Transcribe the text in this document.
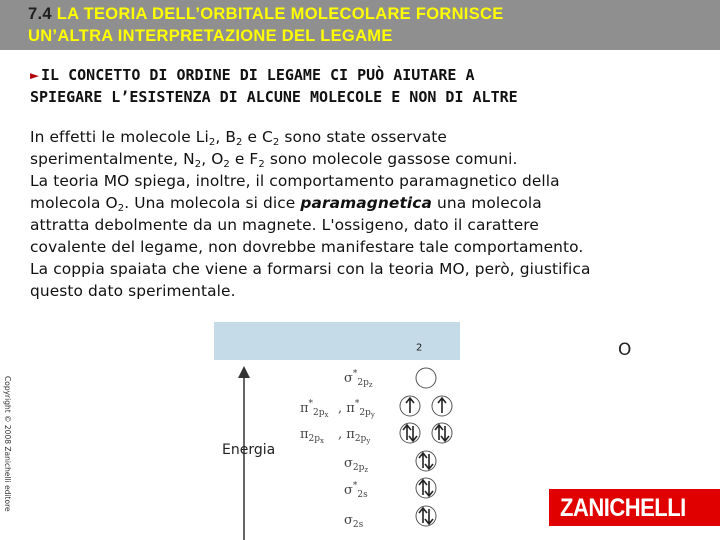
7.4 LA TEORIA DELL’ORBITALE MOLECOLARE FORNISCE
UN’ALTRA INTERPRETAZIONE DEL LEGAME
► IL CONCETTO DI ORDINE DI LEGAME CI PUÒ AIUTARE A
SPIEGARE L’ESISTENZA DI ALCUNE MOLECOLE E NON DI ALTRE
In effetti le molecole $Li_2$, $B_2$ e $C_2$ sono state osservate
sperimentalmente, $N_2$, $O_2$ e $F_2$ sono molecole gassose comuni.
La teoria MO spiega, inoltre, il comportamento paramagnetico della
molecola $O_2$. Una molecola si dice paramagnetica una molecola
attratta debolmente da un magnete. L'ossigeno, dato il carattere
covalente del legame, non dovrebbe manifestare tale comportamento.
La coppia spaiata che viene a formarsi con la teoria MO, però, giustifica
questo dato sperimentale.
O
$_2$
Energia
$\sigma^*_{2p}z$
$\pi^*_{2p}x$ , $\pi^*_{2p}y$
$\pi_{2p}x$ , $\pi_{2p}y$
$\sigma_{2p}z$
$\sigma^*_{2s}$
$\sigma_{2s}$
Copyright © 2008 Zanichelli editore	ZANICHELLI
